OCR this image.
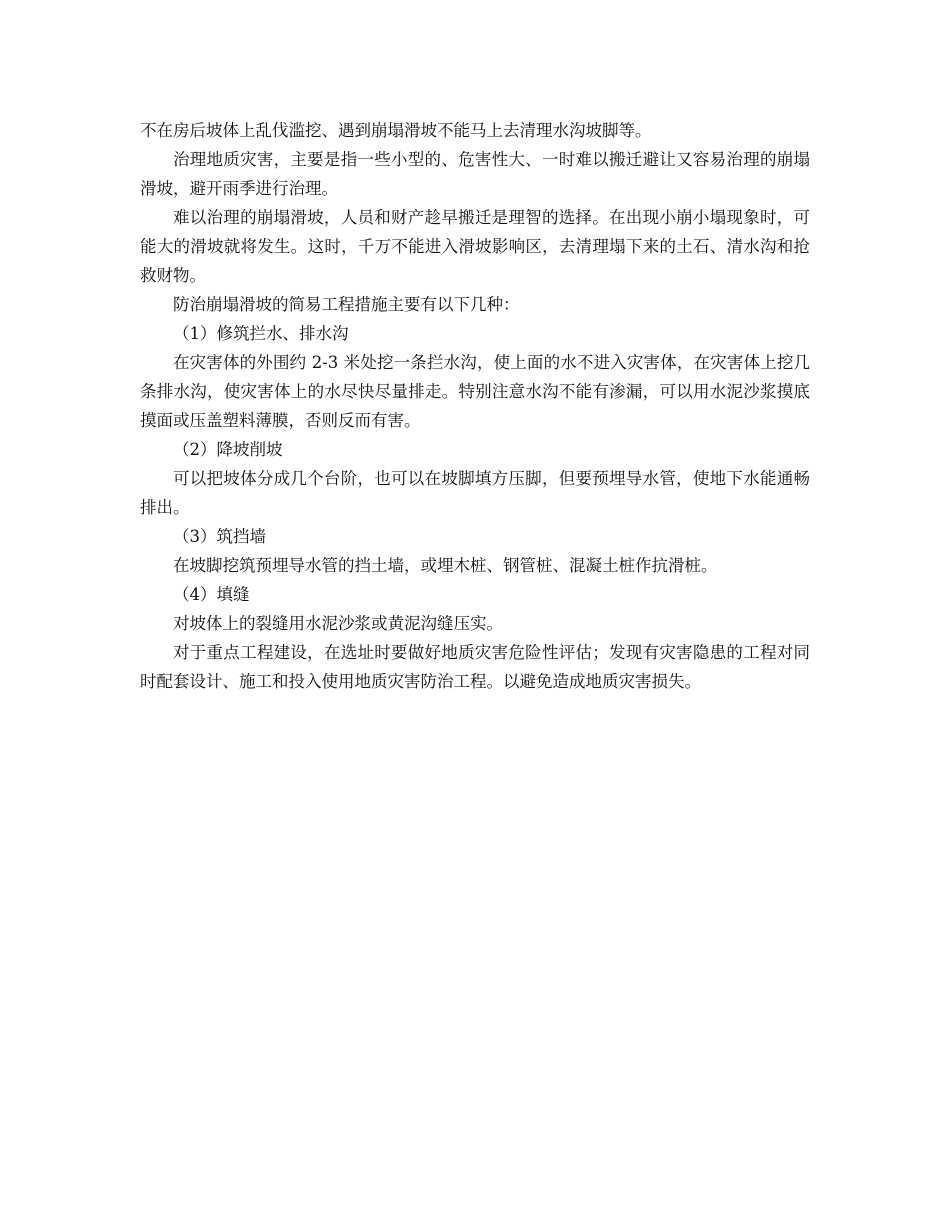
不在房后坡体上乱伐滥挖、遇到崩塌滑坡不能马上去清理水沟坡脚等。

治理地质灾害，主要是指一些小型的、危害性大、一时难以搬迁避让又容易治理的崩塌滑坡，避开雨季进行治理。

难以治理的崩塌滑坡，人员和财产趁早搬迁是理智的选择。在出现小崩小塌现象时，可能大的滑坡就将发生。这时，千万不能进入滑坡影响区，去清理塌下来的土石、清水沟和抢救财物。

防治崩塌滑坡的简易工程措施主要有以下几种：

（1）修筑拦水、排水沟

在灾害体的外围约 2-3 米处挖一条拦水沟，使上面的水不进入灾害体，在灾害体上挖几条排水沟，使灾害体上的水尽快尽量排走。特别注意水沟不能有渗漏，可以用水泥沙浆摸底摸面或压盖塑料薄膜，否则反而有害。

（2）降坡削坡

可以把坡体分成几个台阶，也可以在坡脚填方压脚，但要预埋导水管，使地下水能通畅排出。

（3）筑挡墙

在坡脚挖筑预埋导水管的挡土墙，或埋木桩、钢管桩、混凝土桩作抗滑桩。

（4）填缝

对坡体上的裂缝用水泥沙浆或黄泥沟缝压实。

对于重点工程建设，在选址时要做好地质灾害危险性评估；发现有灾害隐患的工程对同时配套设计、施工和投入使用地质灾害防治工程。以避免造成地质灾害损失。
